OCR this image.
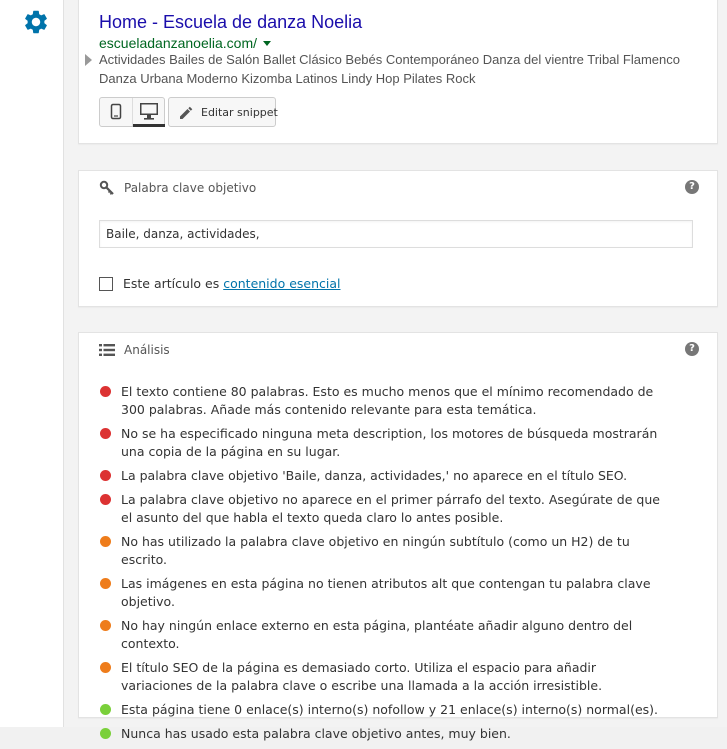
Home - Escuela de danza Noelia
escueladanzanoelia.com/
Actividades Bailes de Salón Ballet Clásico Bebés Contemporáneo Danza del vientre Tribal Flamenco Danza Urbana Moderno Kizomba Latinos Lindy Hop Pilates Rock
Editar snippet
Palabra clave objetivo	?
Baile, danza, actividades,
Este artículo es contenido esencial
Análisis	?
El texto contiene 80 palabras. Esto es mucho menos que el mínimo recomendado de 300 palabras. Añade más contenido relevante para esta temática.
No se ha especificado ninguna meta description, los motores de búsqueda mostrarán una copia de la página en su lugar.
La palabra clave objetivo 'Baile, danza, actividades,' no aparece en el título SEO.
La palabra clave objetivo no aparece en el primer párrafo del texto. Asegúrate de que el asunto del que habla el texto queda claro lo antes posible.
No has utilizado la palabra clave objetivo en ningún subtítulo (como un H2) de tu escrito.
Las imágenes en esta página no tienen atributos alt que contengan tu palabra clave objetivo.
No hay ningún enlace externo en esta página, plantéate añadir alguno dentro del contexto.
El título SEO de la página es demasiado corto. Utiliza el espacio para añadir variaciones de la palabra clave o escribe una llamada a la acción irresistible.
Esta página tiene 0 enlace(s) interno(s) nofollow y 21 enlace(s) interno(s) normal(es).
Nunca has usado esta palabra clave objetivo antes, muy bien.
